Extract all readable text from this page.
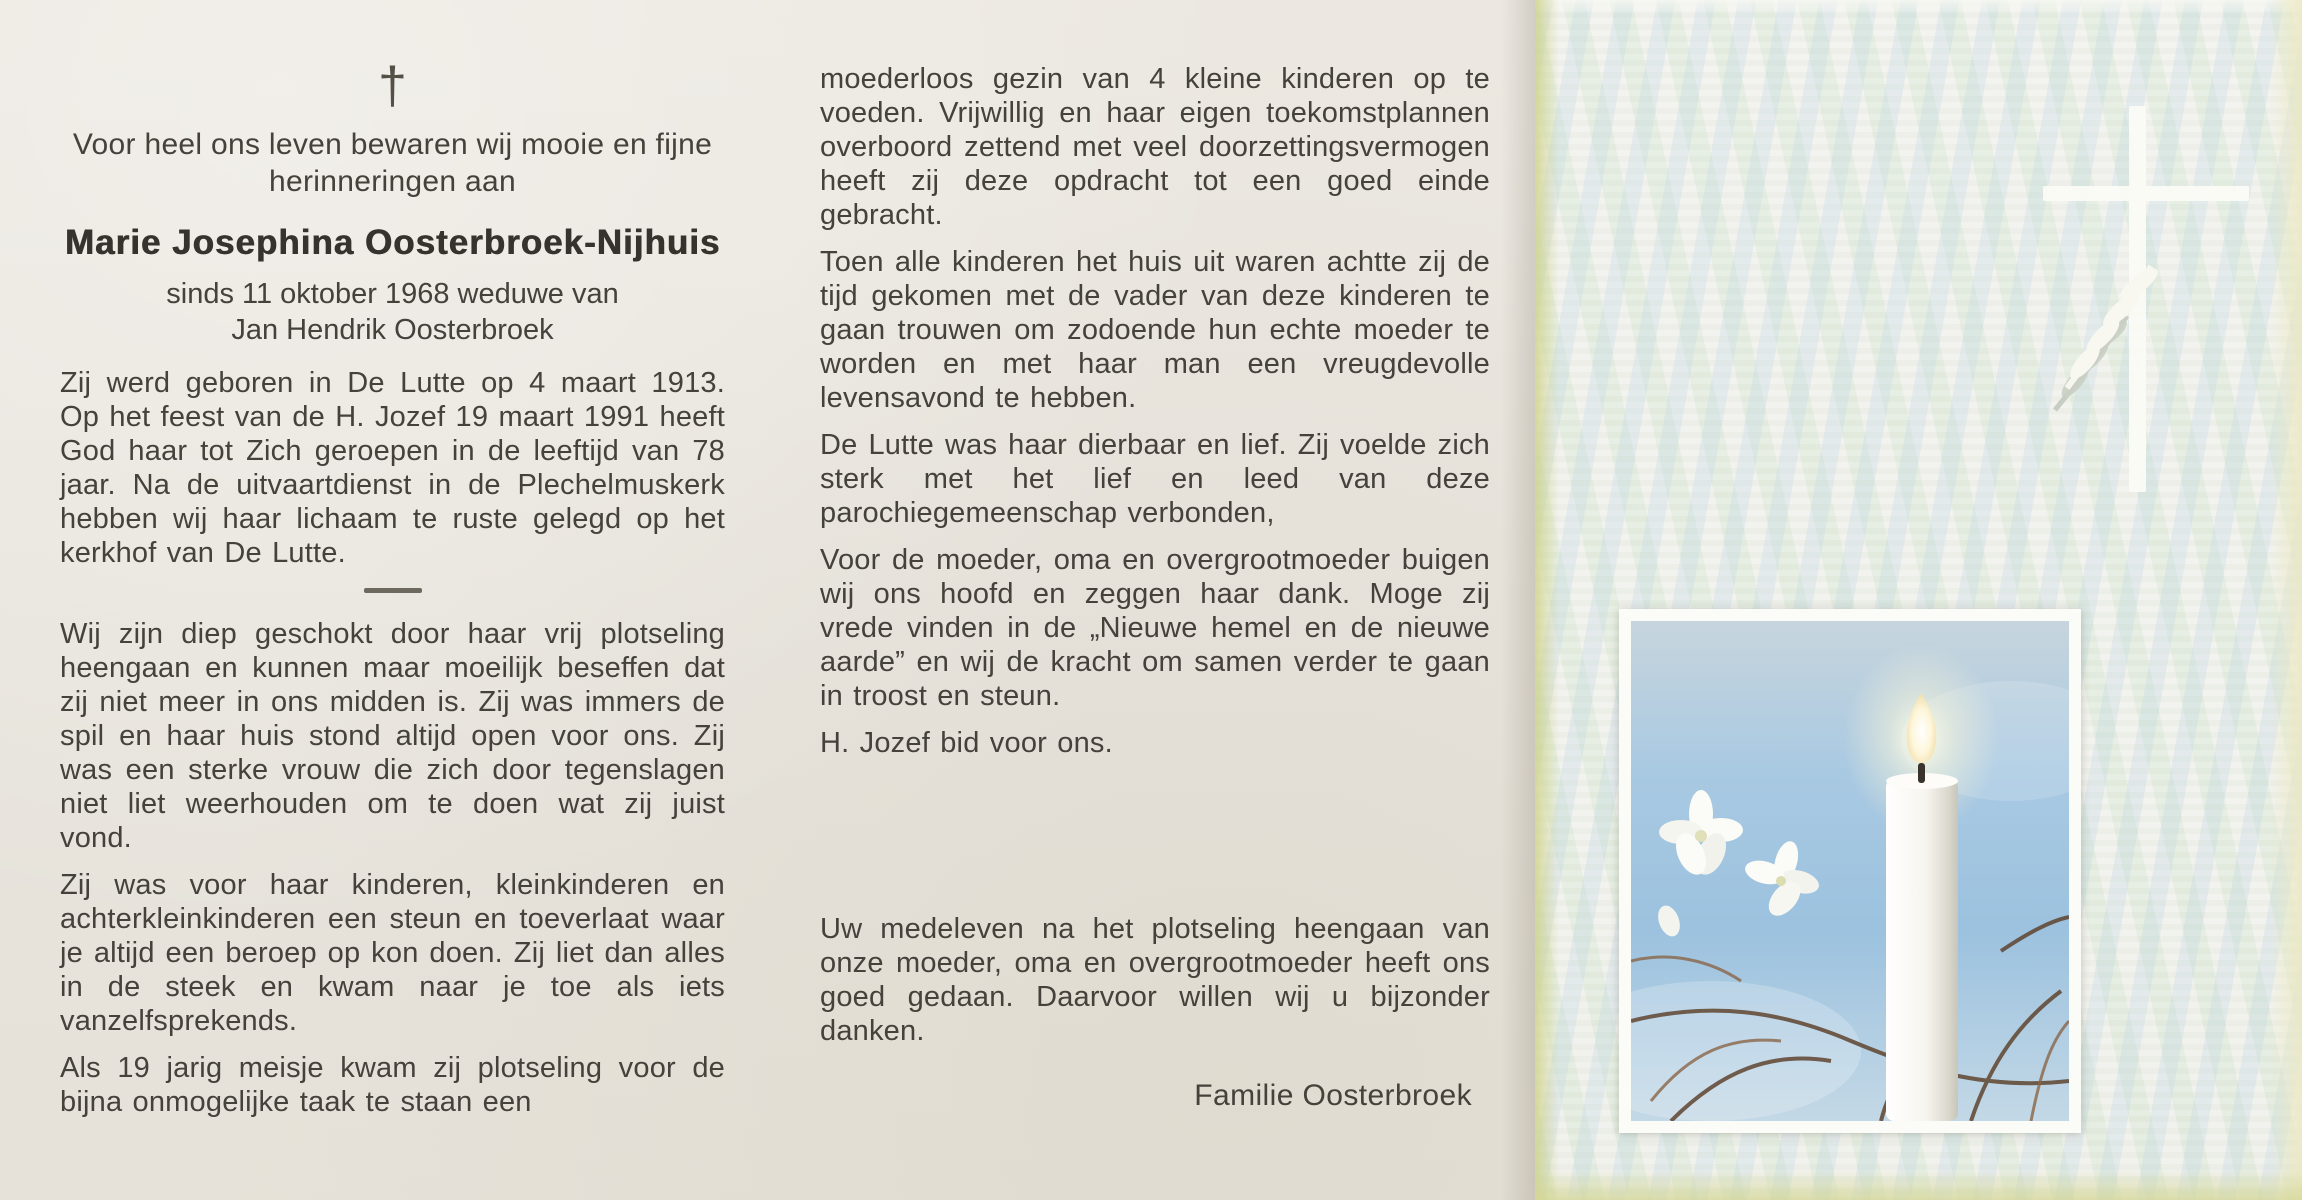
†

Voor heel ons leven bewaren wij mooie en fijne herinneringen aan

Marie Josephina Oosterbroek-Nijhuis

sinds 11 oktober 1968 weduwe van

Jan Hendrik Oosterbroek

Zij werd geboren in De Lutte op 4 maart 1913. Op het feest van de H. Jozef 19 maart 1991 heeft God haar tot Zich geroepen in de leeftijd van 78 jaar. Na de uitvaartdienst in de Plechelmuskerk hebben wij haar lichaam te ruste gelegd op het kerkhof van De Lutte.

Wij zijn diep geschokt door haar vrij plotseling heengaan en kunnen maar moeilijk beseffen dat zij niet meer in ons midden is. Zij was immers de spil en haar huis stond altijd open voor ons. Zij was een sterke vrouw die zich door tegenslagen niet liet weerhouden om te doen wat zij juist vond.

Zij was voor haar kinderen, kleinkinderen en achterkleinkinderen een steun en toeverlaat waar je altijd een beroep op kon doen. Zij liet dan alles in de steek en kwam naar je toe als iets vanzelfsprekends.

Als 19 jarig meisje kwam zij plotseling voor de bijna onmogelijke taak te staan een

moederloos gezin van 4 kleine kinderen op te voeden. Vrijwillig en haar eigen toekomstplannen overboord zettend met veel doorzettingsvermogen heeft zij deze opdracht tot een goed einde gebracht.

Toen alle kinderen het huis uit waren achtte zij de tijd gekomen met de vader van deze kinderen te gaan trouwen om zodoende hun echte moeder te worden en met haar man een vreugdevolle levensavond te hebben.

De Lutte was haar dierbaar en lief. Zij voelde zich sterk met het lief en leed van deze parochiegemeenschap verbonden,

Voor de moeder, oma en overgrootmoeder buigen wij ons hoofd en zeggen haar dank. Moge zij vrede vinden in de „Nieuwe hemel en de nieuwe aarde” en wij de kracht om samen verder te gaan in troost en steun.

H. Jozef bid voor ons.

Uw medeleven na het plotseling heengaan van onze moeder, oma en overgrootmoeder heeft ons goed gedaan. Daarvoor willen wij u bijzonder danken.

Familie Oosterbroek
